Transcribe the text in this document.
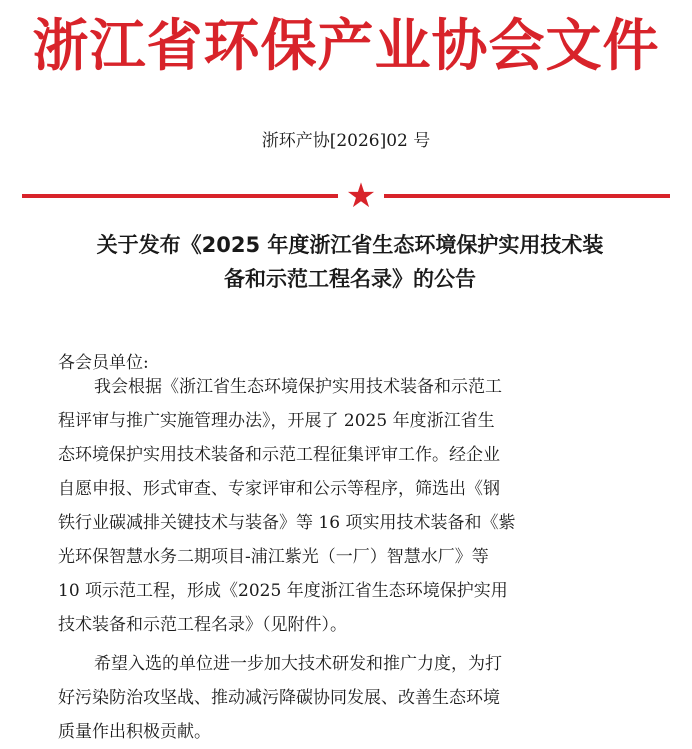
浙江省环保产业协会文件
浙环产协[2026]02 号
★
关于发布《2025 年度浙江省生态环境保护实用技术装
备和示范工程名录》的公告
各会员单位:
我会根据《浙江省生态环境保护实用技术装备和示范工
程评审与推广实施管理办法》，开展了 2025 年度浙江省生
态环境保护实用技术装备和示范工程征集评审工作。经企业
自愿申报、形式审查、专家评审和公示等程序，筛选出《钢
铁行业碳减排关键技术与装备》等 16 项实用技术装备和《紫
光环保智慧水务二期项目-浦江紫光（一厂）智慧水厂》等
10 项示范工程，形成《2025 年度浙江省生态环境保护实用
技术装备和示范工程名录》（见附件）。
希望入选的单位进一步加大技术研发和推广力度，为打
好污染防治攻坚战、推动减污降碳协同发展、改善生态环境
质量作出积极贡献。
